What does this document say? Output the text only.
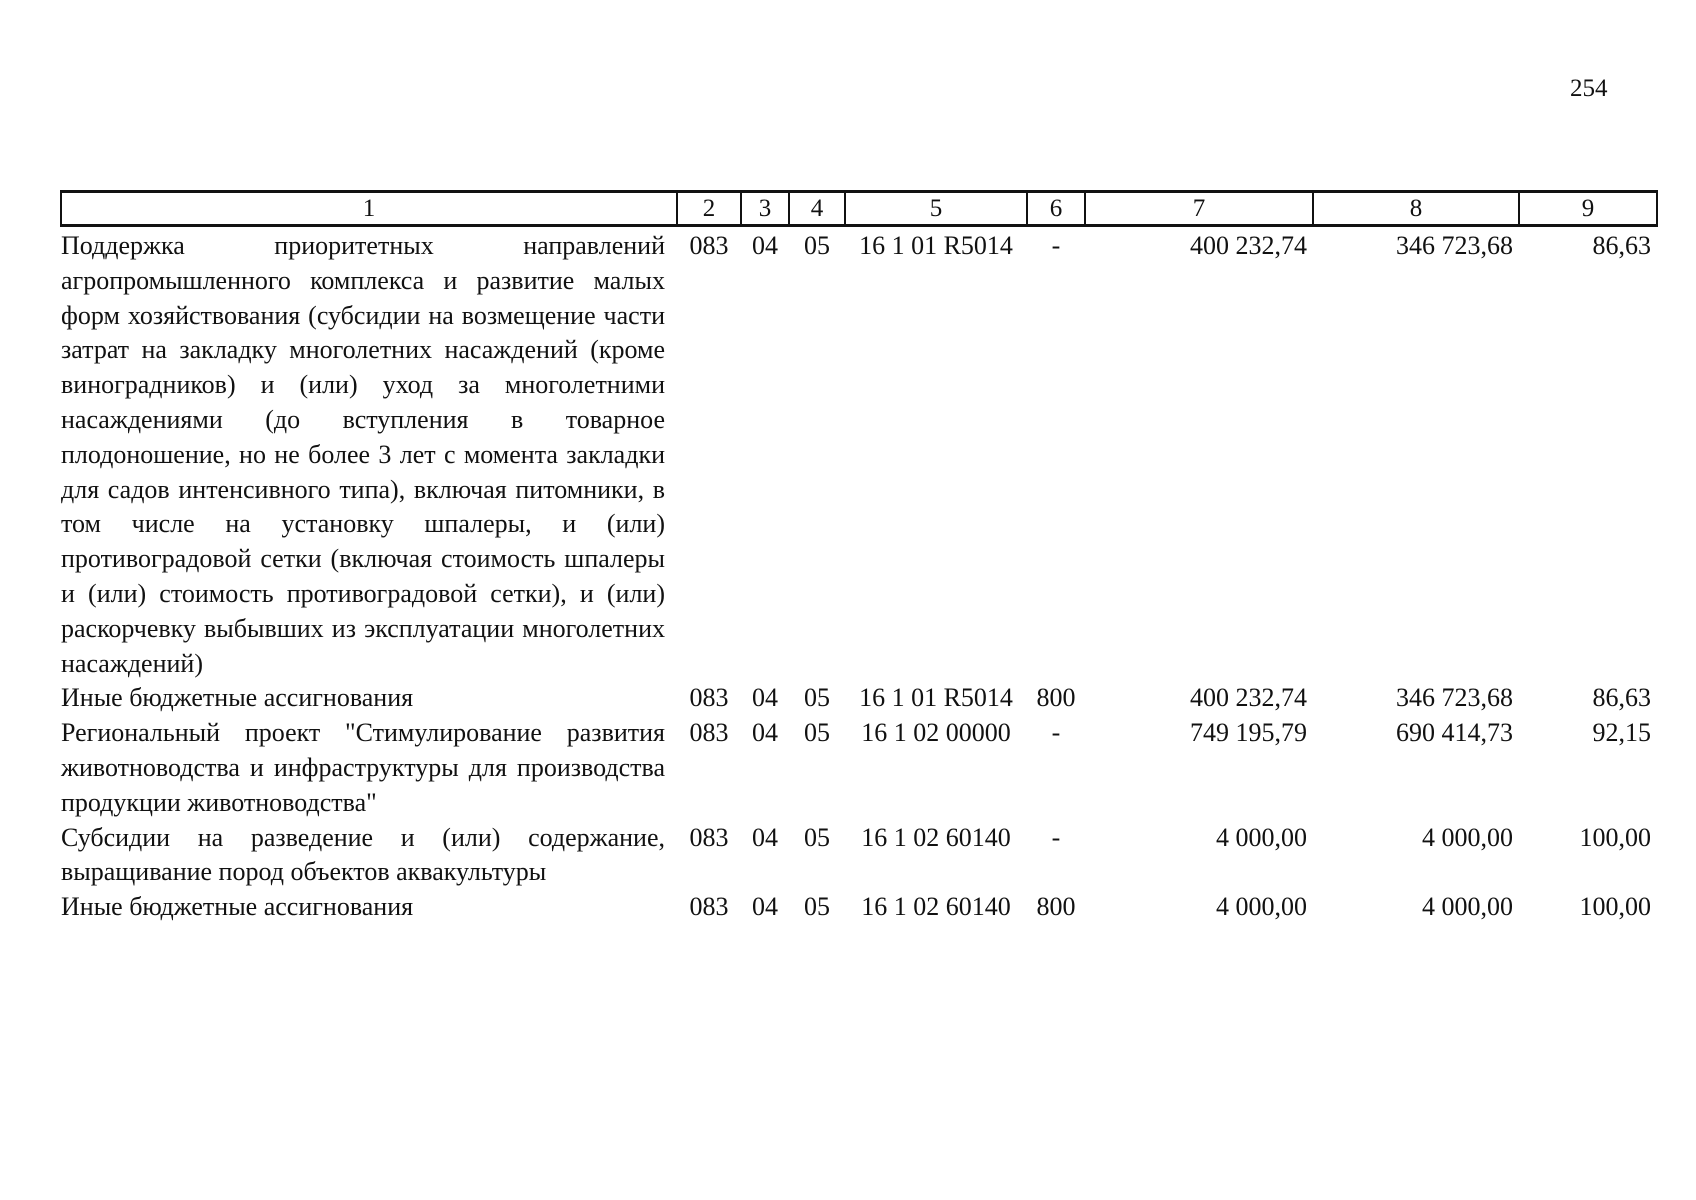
254
1	2	3	4	5	6	7	8	9
Поддержка приоритетных направлений агропромышленного комплекса и развитие малых форм хозяйствования (субсидии на возмещение части затрат на закладку многолетних насаждений (кроме виноградников) и (или) уход за многолетними насаждениями (до вступления в товарное плодоношение, но не более 3 лет с момента закладки для садов интенсивного типа), включая питомники, в том числе на установку шпалеры, и (или) противоградовой сетки (включая стоимость шпалеры и (или) стоимость противоградовой сетки), и (или) раскорчевку выбывших из эксплуатации многолетних насаждений)	083	04	05	16 1 01 R5014	-	400 232,74	346 723,68	86,63
Иные бюджетные ассигнования	083	04	05	16 1 01 R5014	800	400 232,74	346 723,68	86,63
Региональный проект "Стимулирование развития животноводства и инфраструктуры для производства продукции животноводства"	083	04	05	16 1 02 00000	-	749 195,79	690 414,73	92,15
Субсидии на разведение и (или) содержание, выращивание пород объектов аквакультуры	083	04	05	16 1 02 60140	-	4 000,00	4 000,00	100,00
Иные бюджетные ассигнования	083	04	05	16 1 02 60140	800	4 000,00	4 000,00	100,00
